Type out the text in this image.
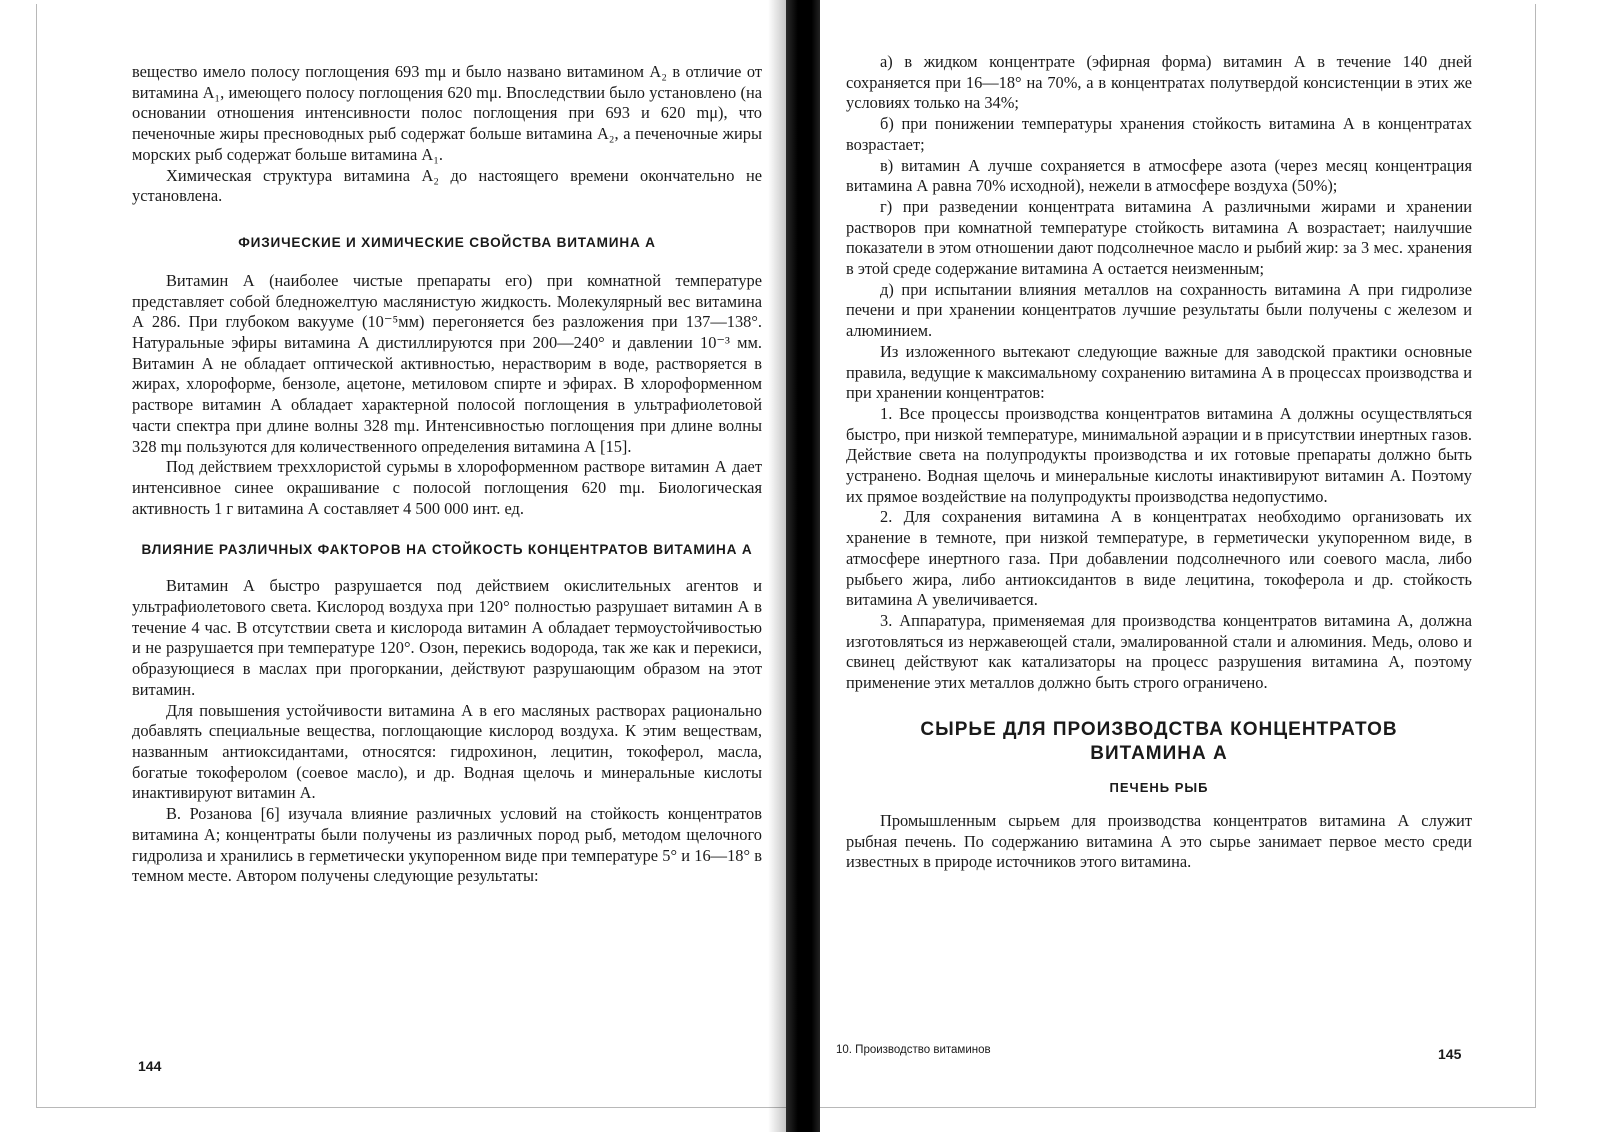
вещество имело полосу поглощения 693 mμ и было названо витамином A₂ в отличие от витамина A₁, имеющего полосу поглощения 620 mμ. Впоследствии было установлено (на основании отношения интенсивности полос поглощения при 693 и 620 mμ), что печеночные жиры пресноводных рыб содержат больше витамина A₂, а печеночные жиры морских рыб содержат больше витамина A₁.

Химическая структура витамина A₂ до настоящего времени окончательно не установлена.

ФИЗИЧЕСКИЕ И ХИМИЧЕСКИЕ СВОЙСТВА ВИТАМИНА А

Витамин А (наиболее чистые препараты его) при комнатной температуре представляет собой бледножелтую маслянистую жидкость. Молекулярный вес витамина А 286. При глубоком вакууме (10⁻⁵мм) перегоняется без разложения при 137—138°. Натуральные эфиры витамина А дистиллируются при 200—240° и давлении 10⁻³ мм. Витамин А не обладает оптической активностью, нерастворим в воде, растворяется в жирах, хлороформе, бензоле, ацетоне, метиловом спирте и эфирах. В хлороформенном растворе витамин А обладает характерной полосой поглощения в ультрафиолетовой части спектра при длине волны 328 mμ. Интенсивностью поглощения при длине волны 328 mμ пользуются для количественного определения витамина А [15].

Под действием треххлористой сурьмы в хлороформенном растворе витамин А дает интенсивное синее окрашивание с полосой поглощения 620 mμ. Биологическая активность 1 г витамина А составляет 4 500 000 инт. ед.

ВЛИЯНИЕ РАЗЛИЧНЫХ ФАКТОРОВ НА СТОЙКОСТЬ КОНЦЕНТРАТОВ ВИТАМИНА А

Витамин А быстро разрушается под действием окислительных агентов и ультрафиолетового света. Кислород воздуха при 120° полностью разрушает витамин А в течение 4 час. В отсутствии света и кислорода витамин А обладает термоустойчивостью и не разрушается при температуре 120°. Озон, перекись водорода, так же как и перекиси, образующиеся в маслах при прогоркании, действуют разрушающим образом на этот витамин.

Для повышения устойчивости витамина А в его масляных растворах рационально добавлять специальные вещества, поглощающие кислород воздуха. К этим веществам, названным антиоксидантами, относятся: гидрохинон, лецитин, токоферол, масла, богатые токоферолом (соевое масло), и др. Водная щелочь и минеральные кислоты инактивируют витамин А.

В. Розанова [6] изучала влияние различных условий на стойкость концентратов витамина А; концентраты были получены из различных пород рыб, методом щелочного гидролиза и хранились в герметически укупоренном виде при температуре 5° и 16—18° в темном месте. Автором получены следующие результаты:

144

а) в жидком концентрате (эфирная форма) витамин А в течение 140 дней сохраняется при 16—18° на 70%, а в концентратах полутвердой консистенции в этих же условиях только на 34%;

б) при понижении температуры хранения стойкость витамина А в концентратах возрастает;

в) витамин А лучше сохраняется в атмосфере азота (через месяц концентрация витамина А равна 70% исходной), нежели в атмосфере воздуха (50%);

г) при разведении концентрата витамина А различными жирами и хранении растворов при комнатной температуре стойкость витамина А возрастает; наилучшие показатели в этом отношении дают подсолнечное масло и рыбий жир: за 3 мес. хранения в этой среде содержание витамина А остается неизменным;

д) при испытании влияния металлов на сохранность витамина А при гидролизе печени и при хранении концентратов лучшие результаты были получены с железом и алюминием.

Из изложенного вытекают следующие важные для заводской практики основные правила, ведущие к максимальному сохранению витамина А в процессах производства и при хранении концентратов:

1. Все процессы производства концентратов витамина А должны осуществляться быстро, при низкой температуре, минимальной аэрации и в присутствии инертных газов. Действие света на полупродукты производства и их готовые препараты должно быть устранено. Водная щелочь и минеральные кислоты инактивируют витамин А. Поэтому их прямое воздействие на полупродукты производства недопустимо.

2. Для сохранения витамина А в концентратах необходимо организовать их хранение в темноте, при низкой температуре, в герметически укупоренном виде, в атмосфере инертного газа. При добавлении подсолнечного или соевого масла, либо рыбьего жира, либо антиоксидантов в виде лецитина, токоферола и др. стойкость витамина А увеличивается.

3. Аппаратура, применяемая для производства концентратов витамина А, должна изготовляться из нержавеющей стали, эмалированной стали и алюминия. Медь, олово и свинец действуют как катализаторы на процесс разрушения витамина А, поэтому применение этих металлов должно быть строго ограничено.

СЫРЬЕ ДЛЯ ПРОИЗВОДСТВА КОНЦЕНТРАТОВ ВИТАМИНА А
ПЕЧЕНЬ РЫБ

Промышленным сырьем для производства концентратов витамина А служит рыбная печень. По содержанию витамина А это сырье занимает первое место среди известных в природе источников этого витамина.

10. Производство витаминов	145
